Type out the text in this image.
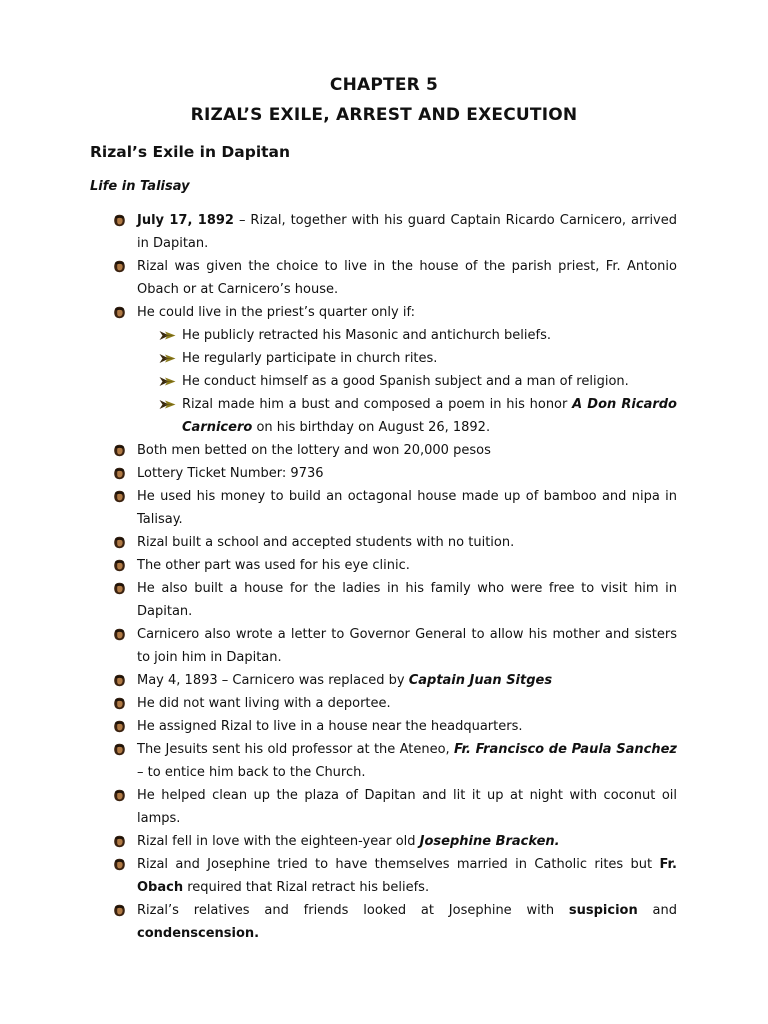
CHAPTER 5
RIZAL’S EXILE, ARREST AND EXECUTION
Rizal’s Exile in Dapitan
Life in Talisay
July 17, 1892 – Rizal, together with his guard Captain Ricardo Carnicero, arrived in Dapitan.
Rizal was given the choice to live in the house of the parish priest, Fr. Antonio Obach or at Carnicero’s house.
He could live in the priest’s quarter only if:
He publicly retracted his Masonic and antichurch beliefs.
He regularly participate in church rites.
He conduct himself as a good Spanish subject and a man of religion.
Rizal made him a bust and composed a poem in his honor A Don Ricardo Carnicero on his birthday on August 26, 1892.
Both men betted on the lottery and won 20,000 pesos
Lottery Ticket Number: 9736
He used his money to build an octagonal house made up of bamboo and nipa in Talisay.
Rizal built a school and accepted students with no tuition.
The other part was used for his eye clinic.
He also built a house for the ladies in his family who were free to visit him in Dapitan.
Carnicero also wrote a letter to Governor General to allow his mother and sisters to join him in Dapitan.
May 4, 1893 – Carnicero was replaced by Captain Juan Sitges
He did not want living with a deportee.
He assigned Rizal to live in a house near the headquarters.
The Jesuits sent his old professor at the Ateneo, Fr. Francisco de Paula Sanchez – to entice him back to the Church.
He helped clean up the plaza of Dapitan and lit it up at night with coconut oil lamps.
Rizal fell in love with the eighteen-year old Josephine Bracken.
Rizal and Josephine tried to have themselves married in Catholic rites but Fr. Obach required that Rizal retract his beliefs.
Rizal’s relatives and friends looked at Josephine with suspicion and condenscension.
